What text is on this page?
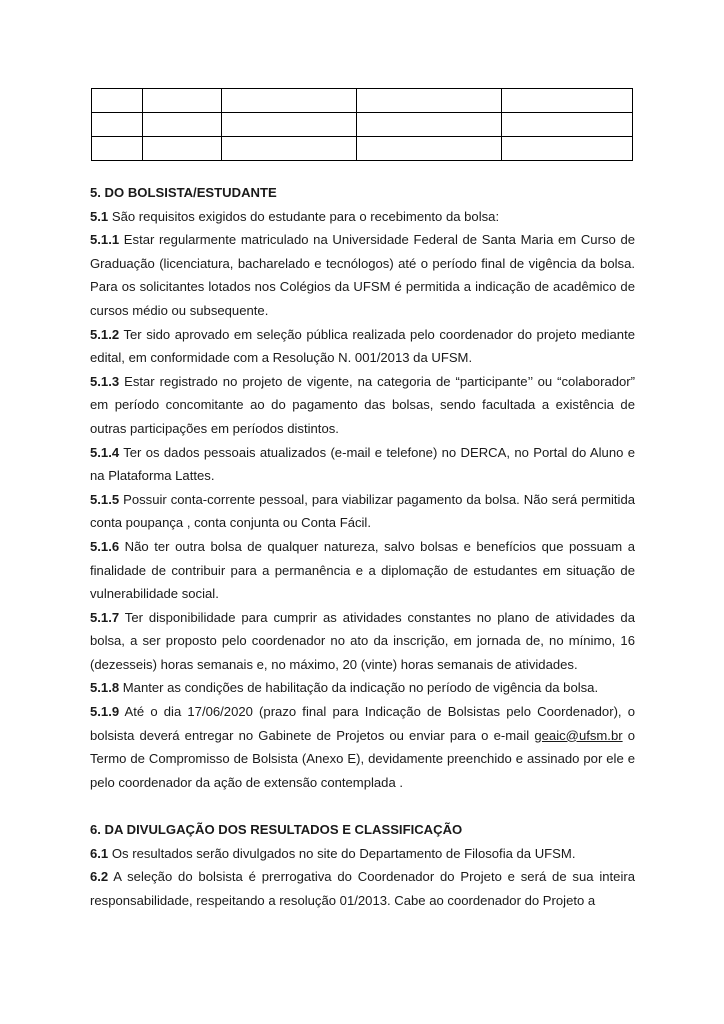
5. DO BOLSISTA/ESTUDANTE

5.1 São requisitos exigidos do estudante para o recebimento da bolsa:

5.1.1 Estar regularmente matriculado na Universidade Federal de Santa Maria em Curso de Graduação (licenciatura, bacharelado e tecnólogos) até o período final de vigência da bolsa. Para os solicitantes lotados nos Colégios da UFSM é permitida a indicação de acadêmico de cursos médio ou subsequente.

5.1.2 Ter sido aprovado em seleção pública realizada pelo coordenador do projeto mediante edital, em conformidade com a Resolução N. 001/2013 da UFSM.

5.1.3 Estar registrado no projeto de vigente, na categoria de “participante’’ ou “colaborador” em período concomitante ao do pagamento das bolsas, sendo facultada a existência de outras participações em períodos distintos.

5.1.4 Ter os dados pessoais atualizados (e-mail e telefone) no DERCA, no Portal do Aluno e na Plataforma Lattes.

5.1.5 Possuir conta-corrente pessoal, para viabilizar pagamento da bolsa. Não será permitida conta poupança , conta conjunta ou Conta Fácil.

5.1.6 Não ter outra bolsa de qualquer natureza, salvo bolsas e benefícios que possuam a finalidade de contribuir para a permanência e a diplomação de estudantes em situação de vulnerabilidade social.

5.1.7 Ter disponibilidade para cumprir as atividades constantes no plano de atividades da bolsa, a ser proposto pelo coordenador no ato da inscrição, em jornada de, no mínimo, 16 (dezesseis) horas semanais e, no máximo, 20 (vinte) horas semanais de atividades.

5.1.8 Manter as condições de habilitação da indicação no período de vigência da bolsa.

5.1.9 Até o dia 17/06/2020 (prazo final para Indicação de Bolsistas pelo Coordenador), o bolsista deverá entregar no Gabinete de Projetos ou enviar para o e-mail geaic@ufsm.br o Termo de Compromisso de Bolsista (Anexo E), devidamente preenchido e assinado por ele e pelo coordenador da ação de extensão contemplada .

6. DA DIVULGAÇÃO DOS RESULTADOS E CLASSIFICAÇÃO

6.1 Os resultados serão divulgados no site do Departamento de Filosofia da UFSM.

6.2 A seleção do bolsista é prerrogativa do Coordenador do Projeto e será de sua inteira responsabilidade, respeitando a resolução 01/2013. Cabe ao coordenador do Projeto a
